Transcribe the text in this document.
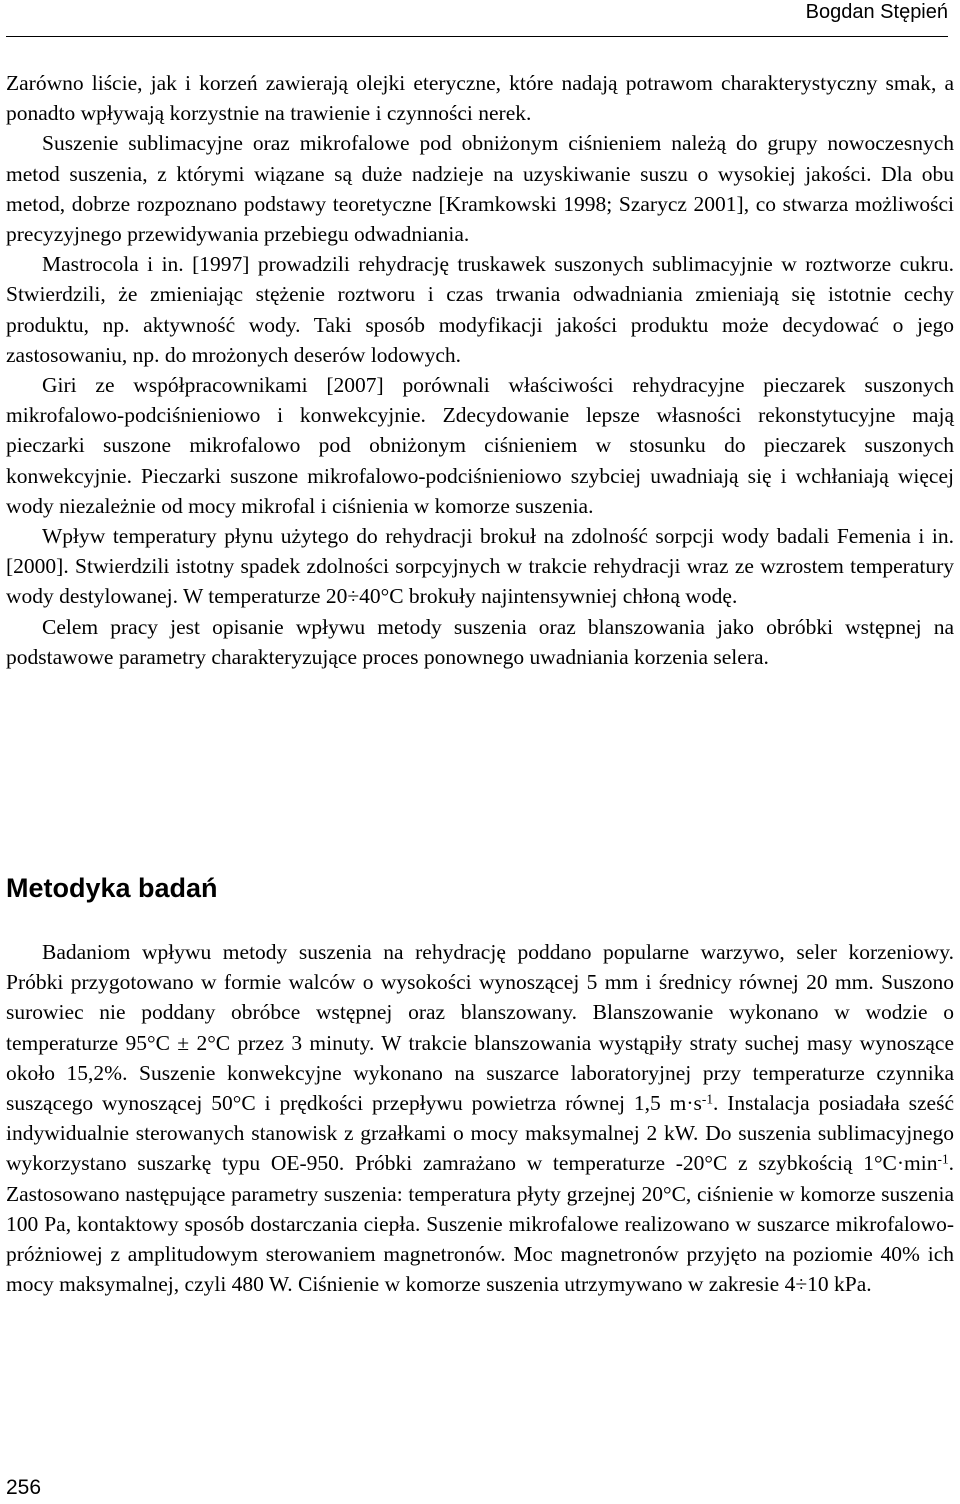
Bogdan Stępień

Zarówno liście, jak i korzeń zawierają olejki eteryczne, które nadają potrawom charakterystyczny smak, a ponadto wpływają korzystnie na trawienie i czynności nerek.

Suszenie sublimacyjne oraz mikrofalowe pod obniżonym ciśnieniem należą do grupy nowoczesnych metod suszenia, z którymi wiązane są duże nadzieje na uzyskiwanie suszu o wysokiej jakości. Dla obu metod, dobrze rozpoznano podstawy teoretyczne [Kramkowski 1998; Szarycz 2001], co stwarza możliwości precyzyjnego przewidywania przebiegu odwadniania.

Mastrocola i in. [1997] prowadzili rehydrację truskawek suszonych sublimacyjnie w roztworze cukru. Stwierdzili, że zmieniając stężenie roztworu i czas trwania odwadniania zmieniają się istotnie cechy produktu, np. aktywność wody. Taki sposób modyfikacji jakości produktu może decydować o jego zastosowaniu, np. do mrożonych deserów lodowych.

Giri ze współpracownikami [2007] porównali właściwości rehydracyjne pieczarek suszonych mikrofalowo-podciśnieniowo i konwekcyjnie. Zdecydowanie lepsze własności rekonstytucyjne mają pieczarki suszone mikrofalowo pod obniżonym ciśnieniem w stosunku do pieczarek suszonych konwekcyjnie. Pieczarki suszone mikrofalowo-podciśnieniowo szybciej uwadniają się i wchłaniają więcej wody niezależnie od mocy mikrofal i ciśnienia w komorze suszenia.

Wpływ temperatury płynu użytego do rehydracji brokuł na zdolność sorpcji wody badali Femenia i in. [2000]. Stwierdzili istotny spadek zdolności sorpcyjnych w trakcie rehydracji wraz ze wzrostem temperatury wody destylowanej. W temperaturze 20÷40°C brokuły najintensywniej chłoną wodę.

Celem pracy jest opisanie wpływu metody suszenia oraz blanszowania jako obróbki wstępnej na podstawowe parametry charakteryzujące proces ponownego uwadniania korzenia selera.

Metodyka badań

Badaniom wpływu metody suszenia na rehydrację poddano popularne warzywo, seler korzeniowy. Próbki przygotowano w formie walców o wysokości wynoszącej 5 mm i średnicy równej 20 mm. Suszono surowiec nie poddany obróbce wstępnej oraz blanszowany. Blanszowanie wykonano w wodzie o temperaturze 95°C ± 2°C przez 3 minuty. W trakcie blanszowania wystąpiły straty suchej masy wynoszące około 15,2%. Suszenie konwekcyjne wykonano na suszarce laboratoryjnej przy temperaturze czynnika suszącego wynoszącej 50°C i prędkości przepływu powietrza równej 1,5 $m\cdot s^{-1}$. Instalacja posiadała sześć indywidualnie sterowanych stanowisk z grzałkami o mocy maksymalnej 2 kW. Do suszenia sublimacyjnego wykorzystano suszarkę typu OE-950. Próbki zamrażano w temperaturze -20°C z szybkością $1^\circ C\cdot\min^{-1}$. Zastosowano następujące parametry suszenia: temperatura płyty grzejnej 20°C, ciśnienie w komorze suszenia 100 Pa, kontaktowy sposób dostarczania ciepła. Suszenie mikrofalowe realizowano w suszarce mikrofalowo-próżniowej z amplitudowym sterowaniem magnetronów. Moc magnetronów przyjęto na poziomie 40% ich mocy maksymalnej, czyli 480 W. Ciśnienie w komorze suszenia utrzymywano w zakresie 4÷10 kPa.

256
